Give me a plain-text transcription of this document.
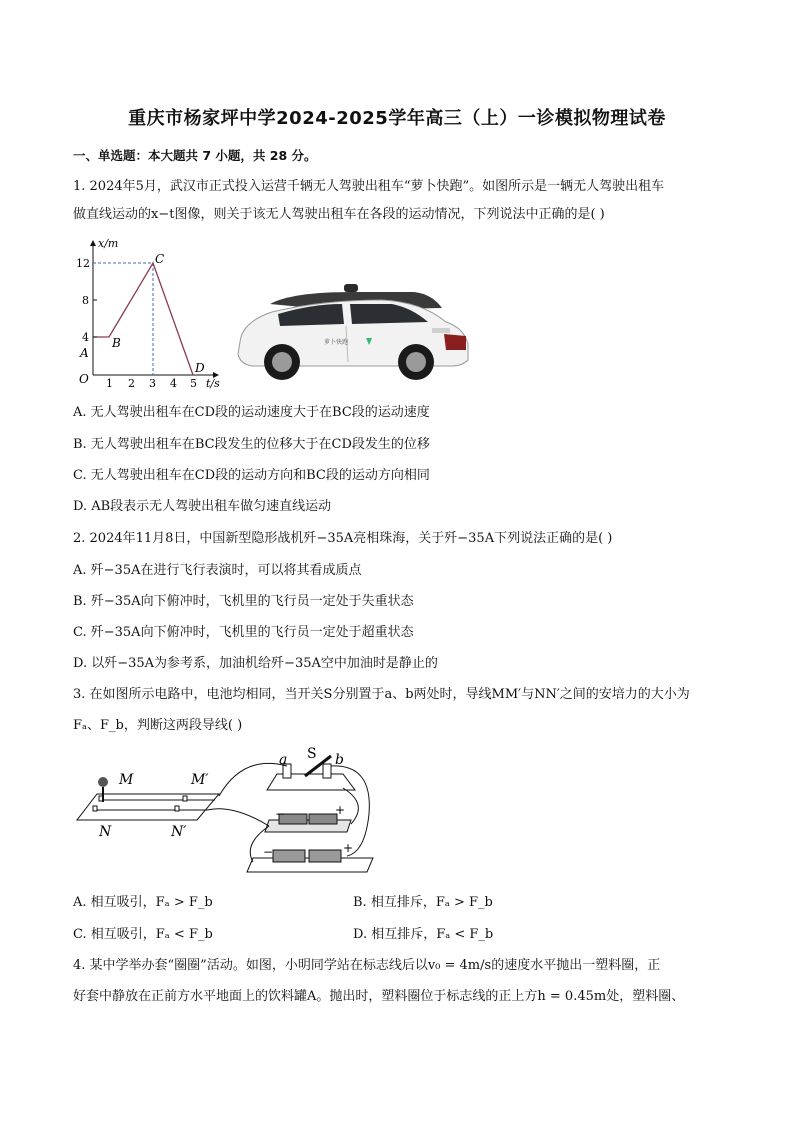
重庆市杨家坪中学2024-2025学年高三（上）一诊模拟物理试卷
一、单选题：本大题共 7 小题，共 28 分。
1. 2024年5月，武汉市正式投入运营千辆无人驾驶出租车“萝卜快跑”。如图所示是一辆无人驾驶出租车
做直线运动的x−t图像，则关于该无人驾驶出租车在各段的运动情况，下列说法中正确的是( )
x/m
t/s
O
12
8
4
1 2 3 4 5
A
B
C
D
萝卜快跑
A. 无人驾驶出租车在CD段的运动速度大于在BC段的运动速度
B. 无人驾驶出租车在BC段发生的位移大于在CD段发生的位移
C. 无人驾驶出租车在CD段的运动方向和BC段的运动方向相同
D. AB段表示无人驾驶出租车做匀速直线运动
2. 2024年11月8日，中国新型隐形战机歼−35A亮相珠海，关于歼−35A下列说法正确的是( )
A. 歼−35A在进行飞行表演时，可以将其看成质点
B. 歼−35A向下俯冲时，飞机里的飞行员一定处于失重状态
C. 歼−35A向下俯冲时，飞机里的飞行员一定处于超重状态
D. 以歼−35A为参考系，加油机给歼−35A空中加油时是静止的
3. 在如图所示电路中，电池均相同，当开关S分别置于a、b两处时，导线MM′与NN′之间的安培力的大小为
Fₐ、F_b，判断这两段导线( )
M	M′
N	N′
S
a	b
−	+
−	+
A. 相互吸引，Fₐ > F_b	B. 相互排斥，Fₐ > F_b
C. 相互吸引，Fₐ < F_b	D. 相互排斥，Fₐ < F_b
4. 某中学举办套“圈圈”活动。如图，小明同学站在标志线后以v₀ = 4m/s的速度水平抛出一塑料圈，正
好套中静放在正前方水平地面上的饮料罐A。抛出时，塑料圈位于标志线的正上方h = 0.45m处，塑料圈、
